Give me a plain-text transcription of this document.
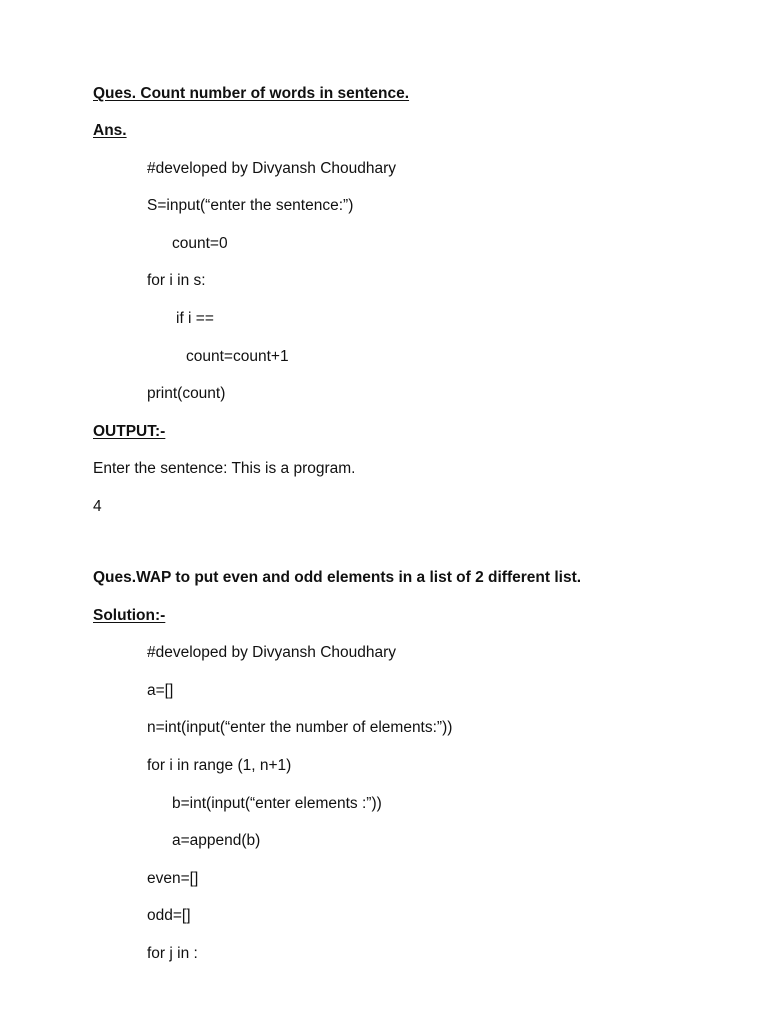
Ques. Count number of words in sentence.
Ans.
#developed by Divyansh Choudhary
S=input(“enter the sentence:”)
count=0
for i in s:
if i ==
count=count+1
print(count)
OUTPUT:-
Enter the sentence: This is a program.
4
Ques.WAP to put even and odd elements in a list of 2 different list.
Solution:-
#developed by Divyansh Choudhary
a=[]
n=int(input(“enter the number of elements:”))
for i in range (1, n+1)
b=int(input(“enter elements :”))
a=append(b)
even=[]
odd=[]
for j in :
